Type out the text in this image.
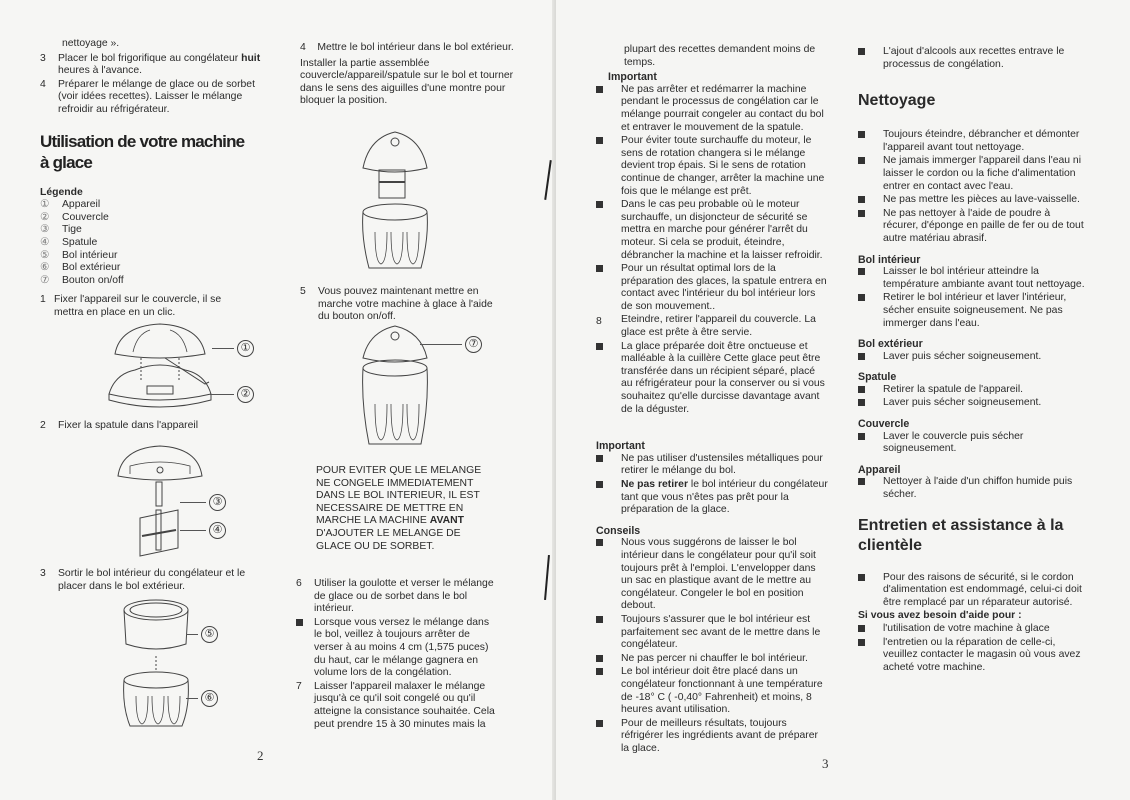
nettoyage ».
3	Placer le bol frigorifique au congélateur huit heures à l'avance.
4	Préparer le mélange de glace ou de sorbet (voir idées recettes). Laisser le mélange refroidir au réfrigérateur.
Utilisation de votre machine à glace
Légende
①	Appareil
②	Couvercle
③	Tige
④	Spatule
⑤	Bol intérieur
⑥	Bol extérieur
⑦	Bouton on/off
1 Fixer l'appareil sur le couvercle, il se mettra en place en un clic.
①
②
2	Fixer la spatule dans l'appareil
③
④
3	Sortir le bol intérieur du congélateur et le placer dans le bol extérieur.
⑤
⑥
4 Mettre le bol intérieur dans le bol extérieur.
Installer la partie assemblée couvercle/appareil/spatule sur le bol et tourner dans le sens des aiguilles d'une montre pour bloquer la position.
5	Vous pouvez maintenant mettre en marche votre machine à glace à l'aide du bouton on/off.
⑦
POUR EVITER QUE LE MELANGE NE CONGELE IMMEDIATEMENT DANS LE BOL INTERIEUR, IL EST NECESSAIRE DE METTRE EN MARCHE LA MACHINE AVANT D'AJOUTER LE MELANGE DE GLACE OU DE SORBET.
6	Utiliser la goulotte et verser le mélange de glace ou de sorbet dans le bol intérieur.
Lorsque vous versez le mélange dans le bol, veillez à toujours arrêter de verser à au moins 4 cm (1,575 puces) du haut, car le mélange gagnera en volume lors de la congélation.
7	Laisser l'appareil malaxer le mélange jusqu'à ce qu'il soit congelé ou qu'il atteigne la consistance souhaitée. Cela peut prendre 15 à 30 minutes mais la
2
plupart des recettes demandent moins de temps.
Important
Ne pas arrêter et redémarrer la machine pendant le processus de congélation car le mélange pourrait congeler au contact du bol et entraver le mouvement de la spatule.
Pour éviter toute surchauffe du moteur, le sens de rotation changera si le mélange devient trop épais. Si le sens de rotation continue de changer, arrêter la machine une fois que le mélange est prêt.
Dans le cas peu probable où le moteur surchauffe, un disjoncteur de sécurité se mettra en marche pour générer l'arrêt du moteur. Si cela se produit, éteindre, débrancher la machine et la laisser refroidir.
Pour un résultat optimal lors de la préparation des glaces, la spatule entrera en contact avec l'intérieur du bol intérieur lors de son mouvement..
8	Eteindre, retirer l'appareil du couvercle. La glace est prête à être servie.
La glace préparée doit être onctueuse et malléable à la cuillère Cette glace peut être transférée dans un récipient séparé, placé au réfrigérateur pour la conserver ou si vous souhaitez qu'elle durcisse davantage avant de la déguster.
Important
Ne pas utiliser d'ustensiles métalliques pour retirer le mélange du bol.
Ne pas retirer le bol intérieur du congélateur tant que vous n'êtes pas prêt pour la préparation de la glace.
Conseils
Nous vous suggérons de laisser le bol intérieur dans le congélateur pour qu'il soit toujours prêt à l'emploi. L'envelopper dans un sac en plastique avant de le mettre au congélateur. Congeler le bol en position debout.
Toujours s'assurer que le bol intérieur est parfaitement sec avant de le mettre dans le congélateur.
Ne pas percer ni chauffer le bol intérieur.
Le bol intérieur doit être placé dans un congélateur fonctionnant à une température de -18° C ( -0,40° Fahrenheit) et moins, 8 heures avant utilisation.
Pour de meilleurs résultats, toujours réfrigérer les ingrédients avant de préparer la glace.
L'ajout d'alcools aux recettes entrave le processus de congélation.
Nettoyage
Toujours éteindre, débrancher et démonter l'appareil avant tout nettoyage.
Ne jamais immerger l'appareil dans l'eau ni laisser le cordon ou la fiche d'alimentation entrer en contact avec l'eau.
Ne pas mettre les pièces au lave-vaisselle.
Ne pas nettoyer à l'aide de poudre à récurer, d'éponge en paille de fer ou de tout autre matériau abrasif.
Bol intérieur
Laisser le bol intérieur atteindre la température ambiante avant tout nettoyage.
Retirer le bol intérieur et laver l'intérieur, sécher ensuite soigneusement. Ne pas immerger dans l'eau.
Bol extérieur
Laver puis sécher soigneusement.
Spatule
Retirer la spatule de l'appareil.
Laver puis sécher soigneusement.
Couvercle
Laver le couvercle puis sécher soigneusement.
Appareil
Nettoyer à l'aide d'un chiffon humide puis sécher.
Entretien et assistance à la clientèle
Pour des raisons de sécurité, si le cordon d'alimentation est endommagé, celui-ci doit être remplacé par un réparateur autorisé.
Si vous avez besoin d'aide pour :
l'utilisation de votre machine à glace
l'entretien ou la réparation de celle-ci, veuillez contacter le magasin où vous avez acheté votre machine.
3
